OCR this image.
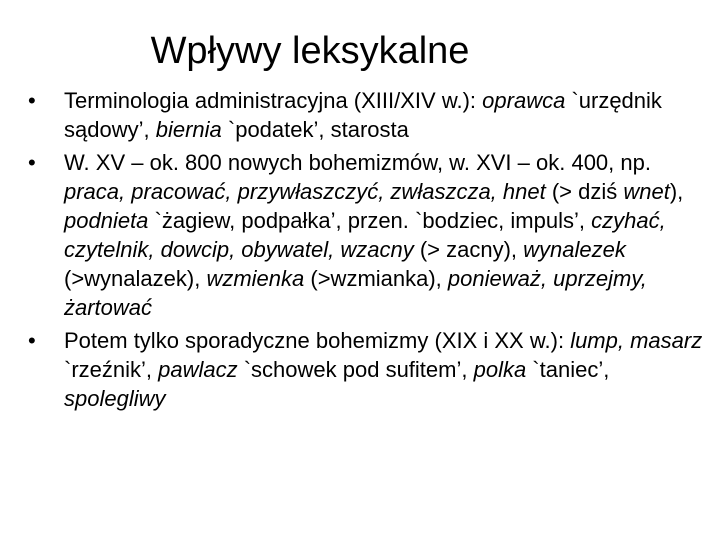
Wpływy leksykalne
•	Terminologia administracyjna (XIII/XIV w.): oprawca `urzędnik sądowy’, biernia `podatek’, starosta
•	W. XV – ok. 800 nowych bohemizmów, w. XVI – ok. 400, np. praca, pracować, przywłaszczyć, zwłaszcza, hnet (> dziś wnet), podnieta `żagiew, podpałka’, przen. `bodziec, impuls’, czyhać, czytelnik, dowcip, obywatel, wzacny (> zacny), wynalezek (>wynalazek), wzmienka (>wzmianka), ponieważ, uprzejmy, żartować
•	Potem tylko sporadyczne bohemizmy (XIX i XX w.): lump, masarz `rzeźnik’, pawlacz `schowek pod sufitem’, polka `taniec’, spolegliwy
